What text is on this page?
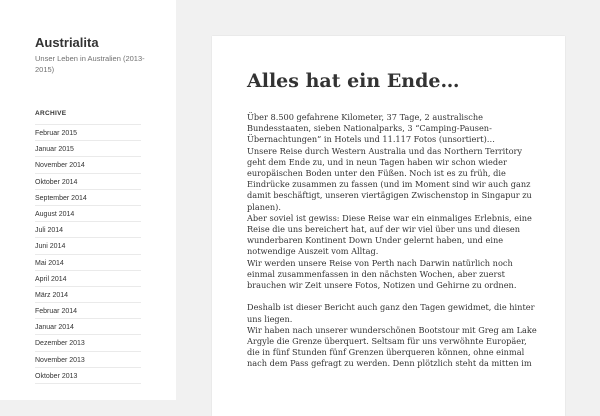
Austrialita

Unser Leben in Australien (2013-2015)

ARCHIVE
Februar 2015
Januar 2015
November 2014
Oktober 2014
September 2014
August 2014
Juli 2014
Juni 2014
Mai 2014
April 2014
März 2014
Februar 2014
Januar 2014
Dezember 2013
November 2013
Oktober 2013
Alles hat ein Ende…

Über 8.500 gefahrene Kilometer, 37 Tage, 2 australische Bundesstaaten, sieben Nationalparks, 3 “Camping-Pausen-Übernachtungen” in Hotels und 11.117 Fotos (unsortiert)…

Unsere Reise durch Western Australia und das Northern Territory geht dem Ende zu, und in neun Tagen haben wir schon wieder europäischen Boden unter den Füßen. Noch ist es zu früh, die Eindrücke zusammen zu fassen (und im Moment sind wir auch ganz damit beschäftigt, unseren viertägigen Zwischenstop in Singapur zu planen).

Aber soviel ist gewiss: Diese Reise war ein einmaliges Erlebnis, eine Reise die uns bereichert hat, auf der wir viel über uns und diesen wunderbaren Kontinent Down Under gelernt haben, und eine notwendige Auszeit vom Alltag.

Wir werden unsere Reise von Perth nach Darwin natürlich noch einmal zusammenfassen in den nächsten Wochen, aber zuerst brauchen wir Zeit unsere Fotos, Notizen und Gehirne zu ordnen.

Deshalb ist dieser Bericht auch ganz den Tagen gewidmet, die hinter uns liegen.

Wir haben nach unserer wunderschönen Bootstour mit Greg am Lake Argyle die Grenze überquert. Seltsam für uns verwöhnte Europäer, die in fünf Stunden fünf Grenzen überqueren können, ohne einmal nach dem Pass gefragt zu werden. Denn plötzlich steht da mitten im
